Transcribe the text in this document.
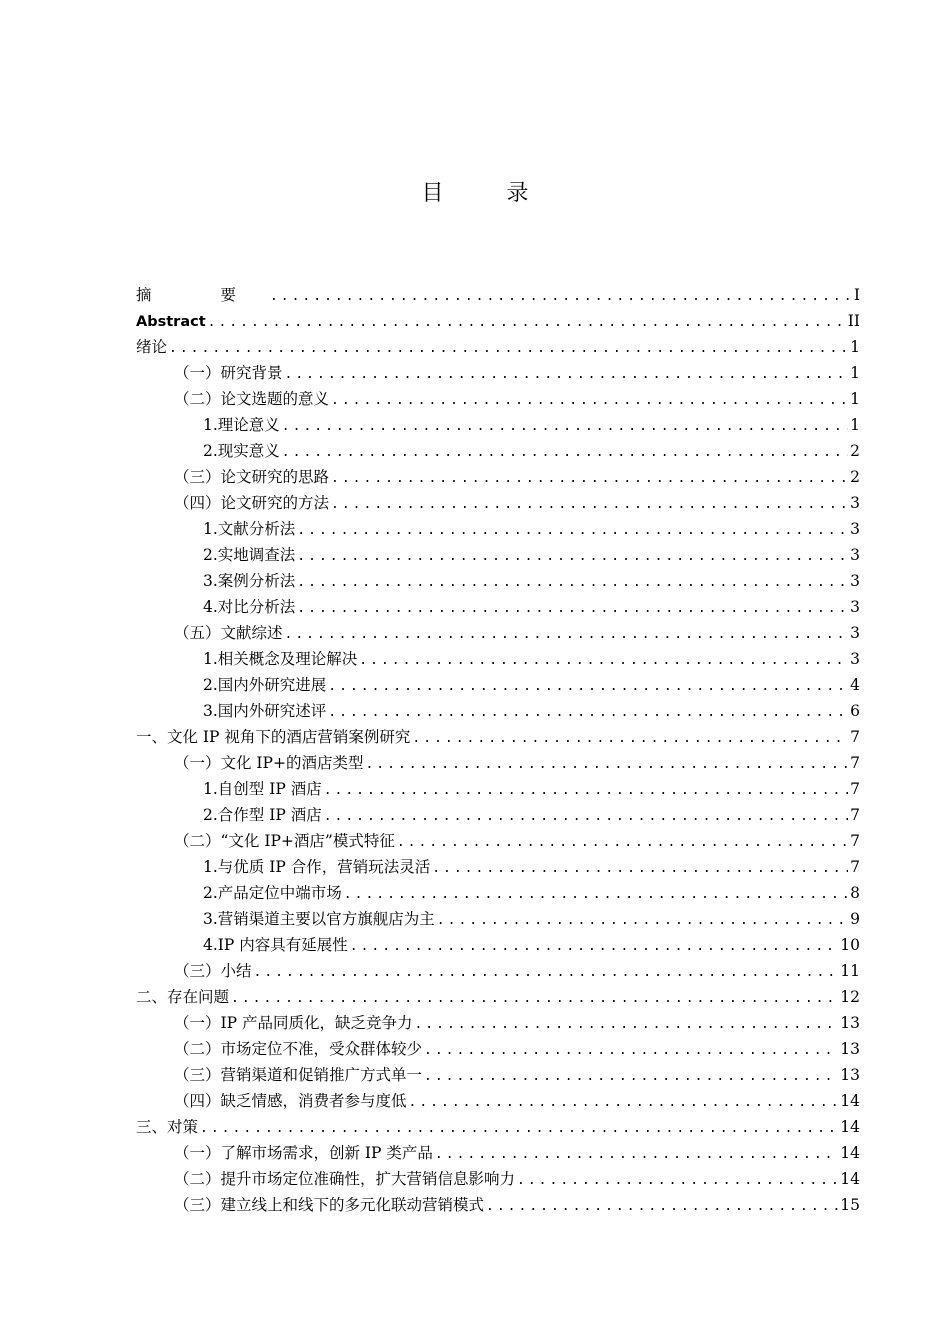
目 录
摘 要 .....	I
Abstract .....	II
绪论 .....	1
（一）研究背景 .....	1
（二）论文选题的意义 .....	1
1.理论意义 .....	1
2.现实意义 .....	2
（三）论文研究的思路 .....	2
（四）论文研究的方法 .....	3
1.文献分析法 .....	3
2.实地调查法 .....	3
3.案例分析法 .....	3
4.对比分析法 .....	3
（五）文献综述 .....	3
1.相关概念及理论解决 .....	3
2.国内外研究进展 .....	4
3.国内外研究述评 .....	6
一、文化 IP 视角下的酒店营销案例研究 .....	7
（一）文化 IP+的酒店类型 .....	7
1.自创型 IP 酒店 .....	7
2.合作型 IP 酒店 .....	7
（二）“文化 IP+酒店”模式特征 .....	7
1.与优质 IP 合作，营销玩法灵活 .....	7
2.产品定位中端市场 .....	8
3.营销渠道主要以官方旗舰店为主 .....	9
4.IP 内容具有延展性 .....	10
（三）小结 .....	11
二、存在问题 .....	12
（一）IP 产品同质化，缺乏竞争力 .....	13
（二）市场定位不准，受众群体较少 .....	13
（三）营销渠道和促销推广方式单一 .....	13
（四）缺乏情感，消费者参与度低 .....	14
三、对策 .....	14
（一）了解市场需求，创新 IP 类产品 .....	14
（二）提升市场定位准确性，扩大营销信息影响力 .....	14
（三）建立线上和线下的多元化联动营销模式 .....	15
